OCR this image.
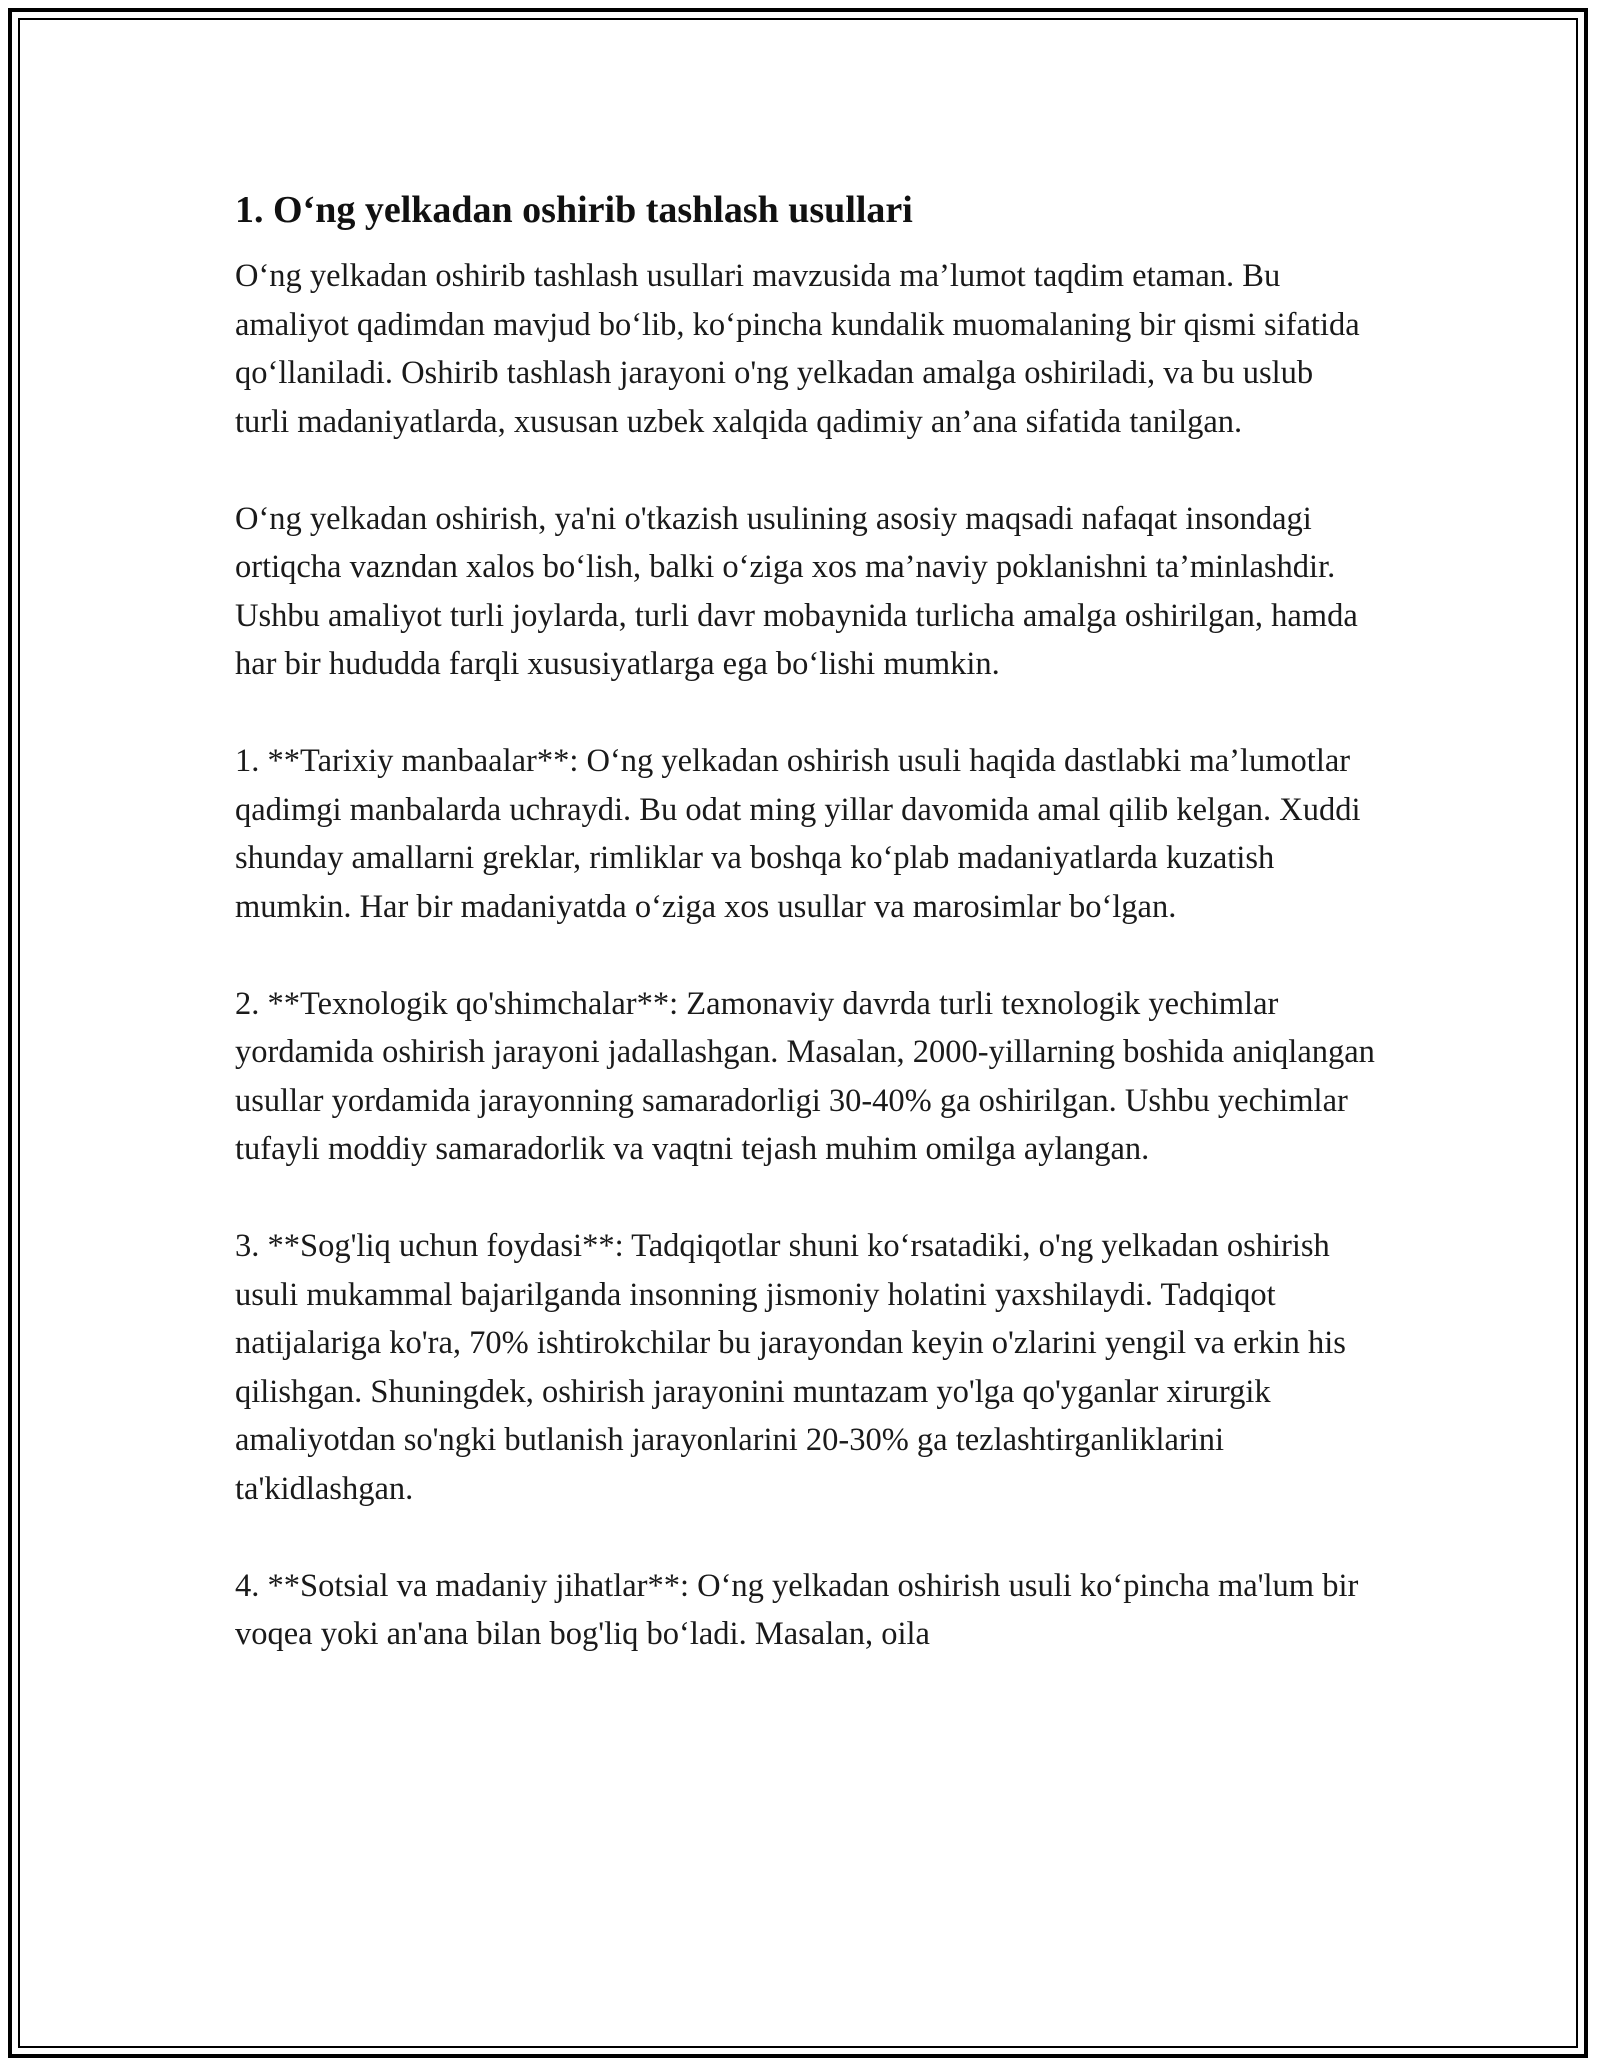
1. O‘ng yelkadan oshirib tashlash usullari

O‘ng yelkadan oshirib tashlash usullari mavzusida ma’lumot taqdim etaman. Bu amaliyot qadimdan mavjud bo‘lib, ko‘pincha kundalik muomalaning bir qismi sifatida qo‘llaniladi. Oshirib tashlash jarayoni o'ng yelkadan amalga oshiriladi, va bu uslub turli madaniyatlarda, xususan uzbek xalqida qadimiy an’ana sifatida tanilgan.

O‘ng yelkadan oshirish, ya'ni o'tkazish usulining asosiy maqsadi nafaqat insondagi ortiqcha vazndan xalos bo‘lish, balki o‘ziga xos ma’naviy poklanishni ta’minlashdir. Ushbu amaliyot turli joylarda, turli davr mobaynida turlicha amalga oshirilgan, hamda har bir hududda farqli xususiyatlarga ega bo‘lishi mumkin.

1. **Tarixiy manbaalar**: O‘ng yelkadan oshirish usuli haqida dastlabki ma’lumotlar qadimgi manbalarda uchraydi. Bu odat ming yillar davomida amal qilib kelgan. Xuddi shunday amallarni greklar, rimliklar va boshqa ko‘plab madaniyatlarda kuzatish mumkin. Har bir madaniyatda o‘ziga xos usullar va marosimlar bo‘lgan.

2. **Texnologik qo'shimchalar**: Zamonaviy davrda turli texnologik yechimlar yordamida oshirish jarayoni jadallashgan. Masalan, 2000-yillarning boshida aniqlangan usullar yordamida jarayonning samaradorligi 30-40% ga oshirilgan. Ushbu yechimlar tufayli moddiy samaradorlik va vaqtni tejash muhim omilga aylangan.

3. **Sog'liq uchun foydasi**: Tadqiqotlar shuni ko‘rsatadiki, o'ng yelkadan oshirish usuli mukammal bajarilganda insonning jismoniy holatini yaxshilaydi. Tadqiqot natijalariga ko'ra, 70% ishtirokchilar bu jarayondan keyin o'zlarini yengil va erkin his qilishgan. Shuningdek, oshirish jarayonini muntazam yo'lga qo'yganlar xirurgik amaliyotdan so'ngki butlanish jarayonlarini 20-30% ga tezlashtirganliklarini ta'kidlashgan.

4. **Sotsial va madaniy jihatlar**: O‘ng yelkadan oshirish usuli ko‘pincha ma'lum bir voqea yoki an'ana bilan bog'liq bo‘ladi. Masalan, oila
